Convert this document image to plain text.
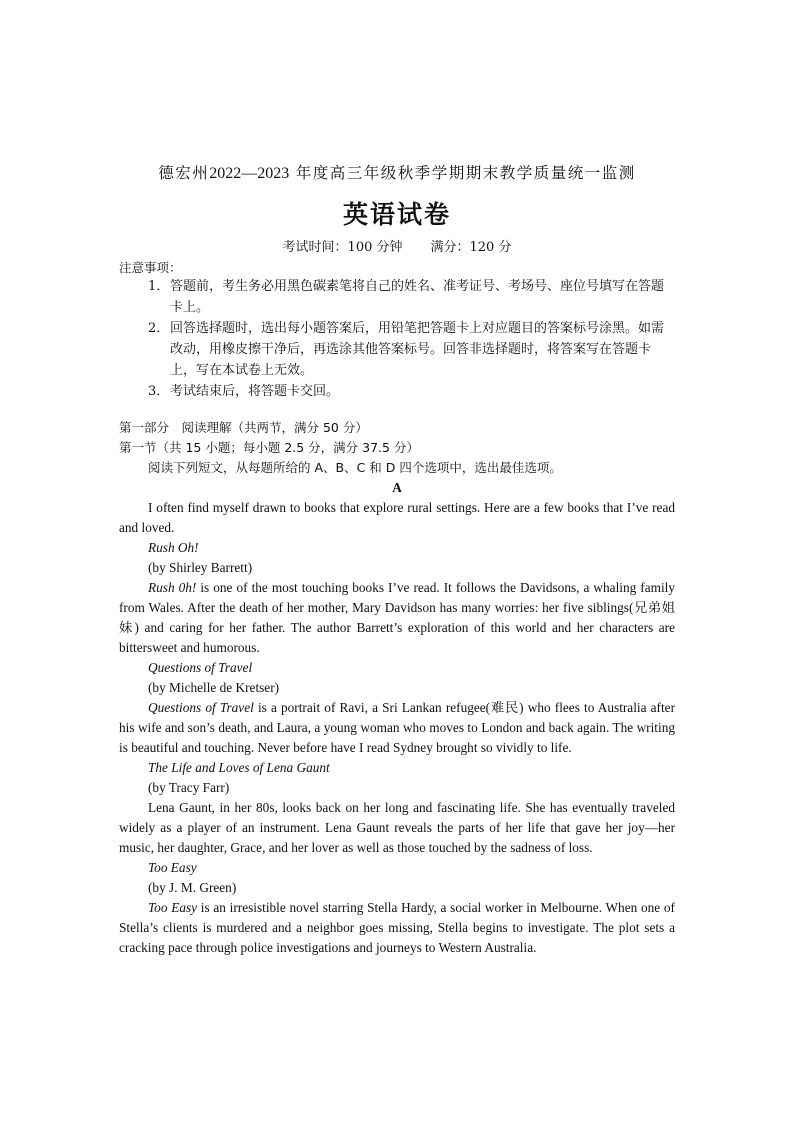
德宏州2022—2023 年度高三年级秋季学期期末教学质量统一监测
英语试卷
考试时间：100 分钟 满分：120 分
注意事项：
1． 答题前，考生务必用黑色碳素笔将自己的姓名、准考证号、考场号、座位号填写在答题卡上。
2． 回答选择题时，选出每小题答案后，用铅笔把答题卡上对应题目的答案标号涂黑。如需改动，用橡皮擦干净后，再选涂其他答案标号。回答非选择题时，将答案写在答题卡上，写在本试卷上无效。
3． 考试结束后，将答题卡交回。
第一部分　阅读理解（共两节，满分 50 分）
第一节（共 15 小题；每小题 2.5 分，满分 37.5 分）
阅读下列短文，从每题所给的 A、B、C 和 D 四个选项中，选出最佳选项。
A
I often find myself drawn to books that explore rural settings. Here are a few books that I’ve read and loved.
Rush Oh!
(by Shirley Barrett)
Rush 0h! is one of the most touching books I’ve read. It follows the Davidsons, a whaling family from Wales. After the death of her mother, Mary Davidson has many worries: her five siblings(兄弟姐妹) and caring for her father. The author Barrett’s exploration of this world and her characters are bittersweet and humorous.
Questions of Travel
(by Michelle de Kretser)
Questions of Travel is a portrait of Ravi, a Sri Lankan refugee(难民) who flees to Australia after his wife and son’s death, and Laura, a young woman who moves to London and back again. The writing is beautiful and touching. Never before have I read Sydney brought so vividly to life.
The Life and Loves of Lena Gaunt
(by Tracy Farr)
Lena Gaunt, in her 80s, looks back on her long and fascinating life. She has eventually traveled widely as a player of an instrument. Lena Gaunt reveals the parts of her life that gave her joy—her music, her daughter, Grace, and her lover as well as those touched by the sadness of loss.
Too Easy
(by J. M. Green)
Too Easy is an irresistible novel starring Stella Hardy, a social worker in Melbourne. When one of Stella’s clients is murdered and a neighbor goes missing, Stella begins to investigate. The plot sets a cracking pace through police investigations and journeys to Western Australia.
